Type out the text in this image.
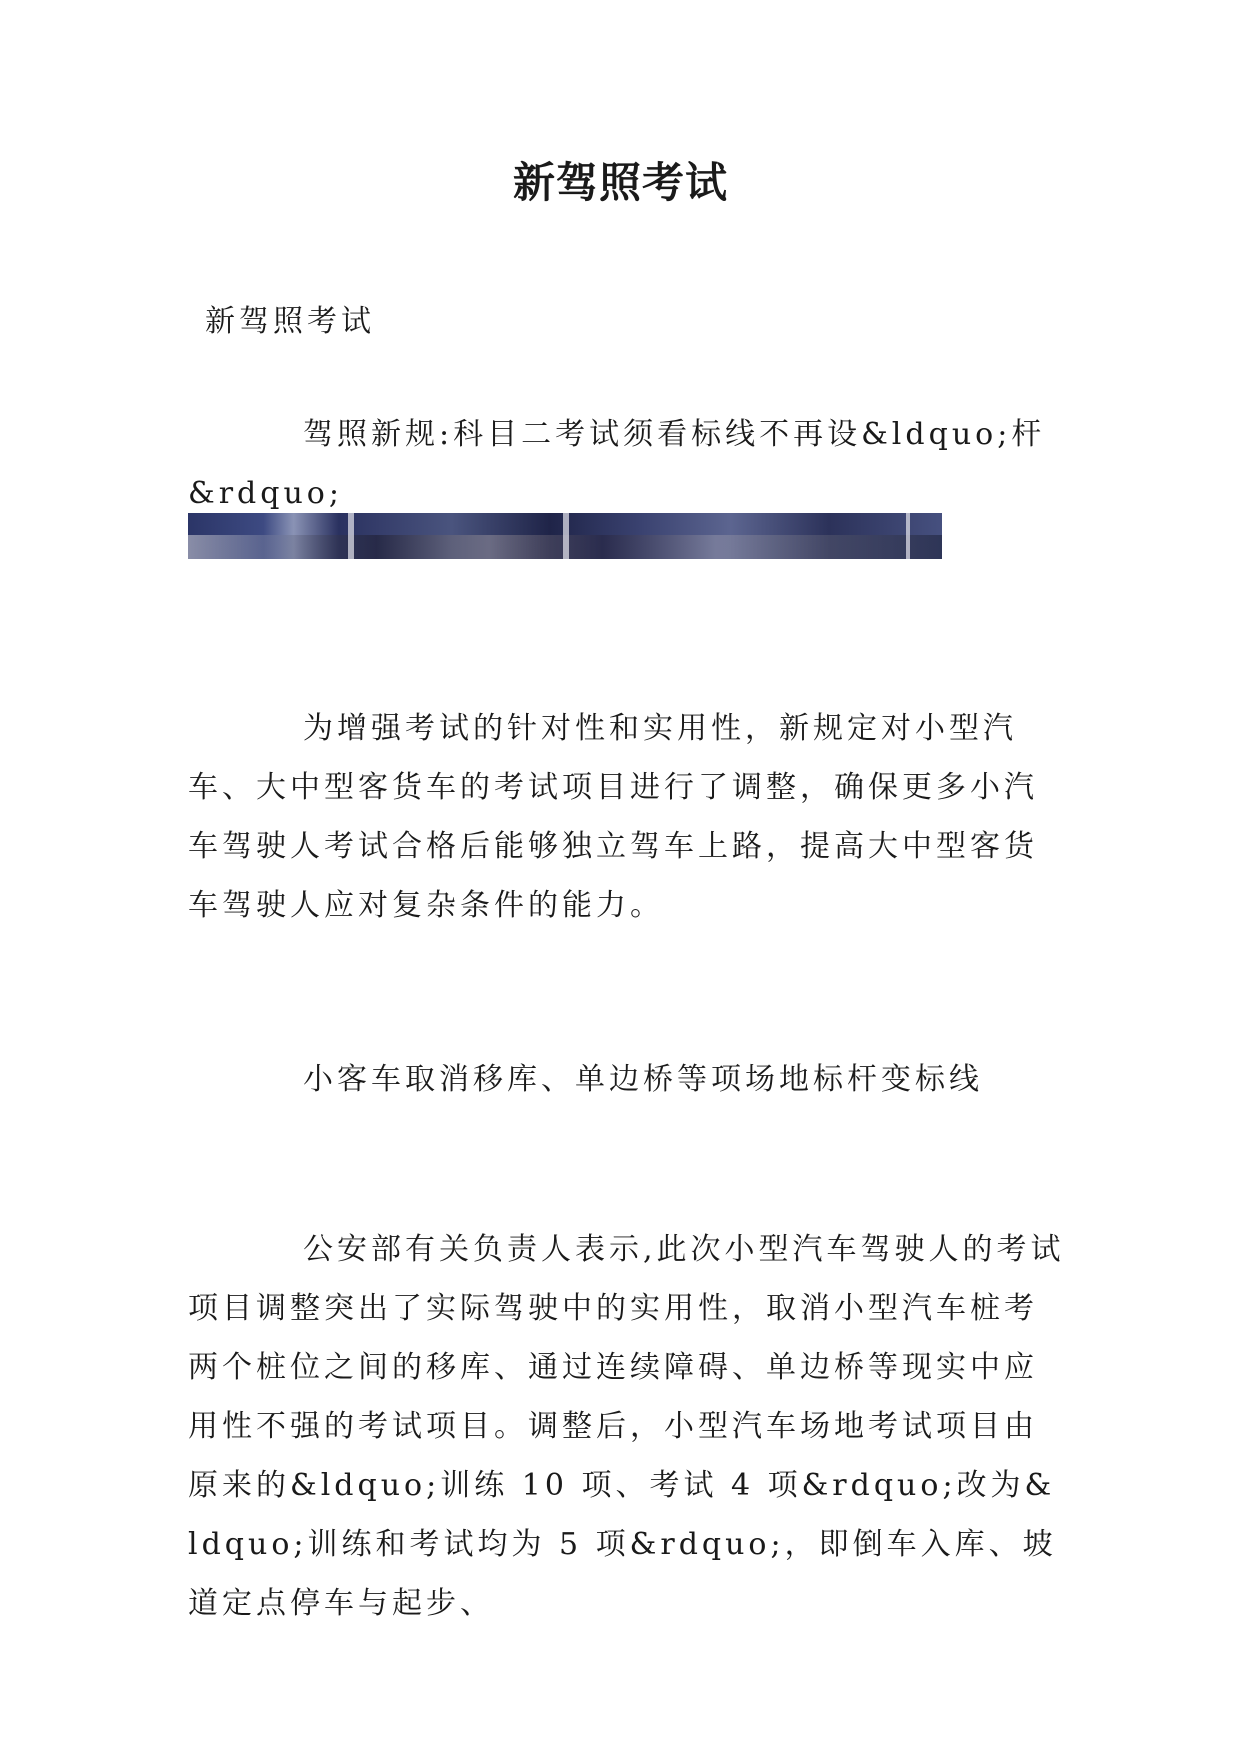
新驾照考试
新驾照考试
驾照新规:科目二考试须看标线不再设&ldquo;杆&rdquo;
为增强考试的针对性和实用性，新规定对小型汽车、大中型客货车的考试项目进行了调整，确保更多小汽车驾驶人考试合格后能够独立驾车上路，提高大中型客货车驾驶人应对复杂条件的能力。
小客车取消移库、单边桥等项场地标杆变标线
公安部有关负责人表示,此次小型汽车驾驶人的考试项目调整突出了实际驾驶中的实用性，取消小型汽车桩考两个桩位之间的移库、通过连续障碍、单边桥等现实中应用性不强的考试项目。调整后，小型汽车场地考试项目由原来的&ldquo;训练 10 项、考试 4 项&rdquo;改为&ldquo;训练和考试均为 5 项&rdquo;，即倒车入库、坡道定点停车与起步、
